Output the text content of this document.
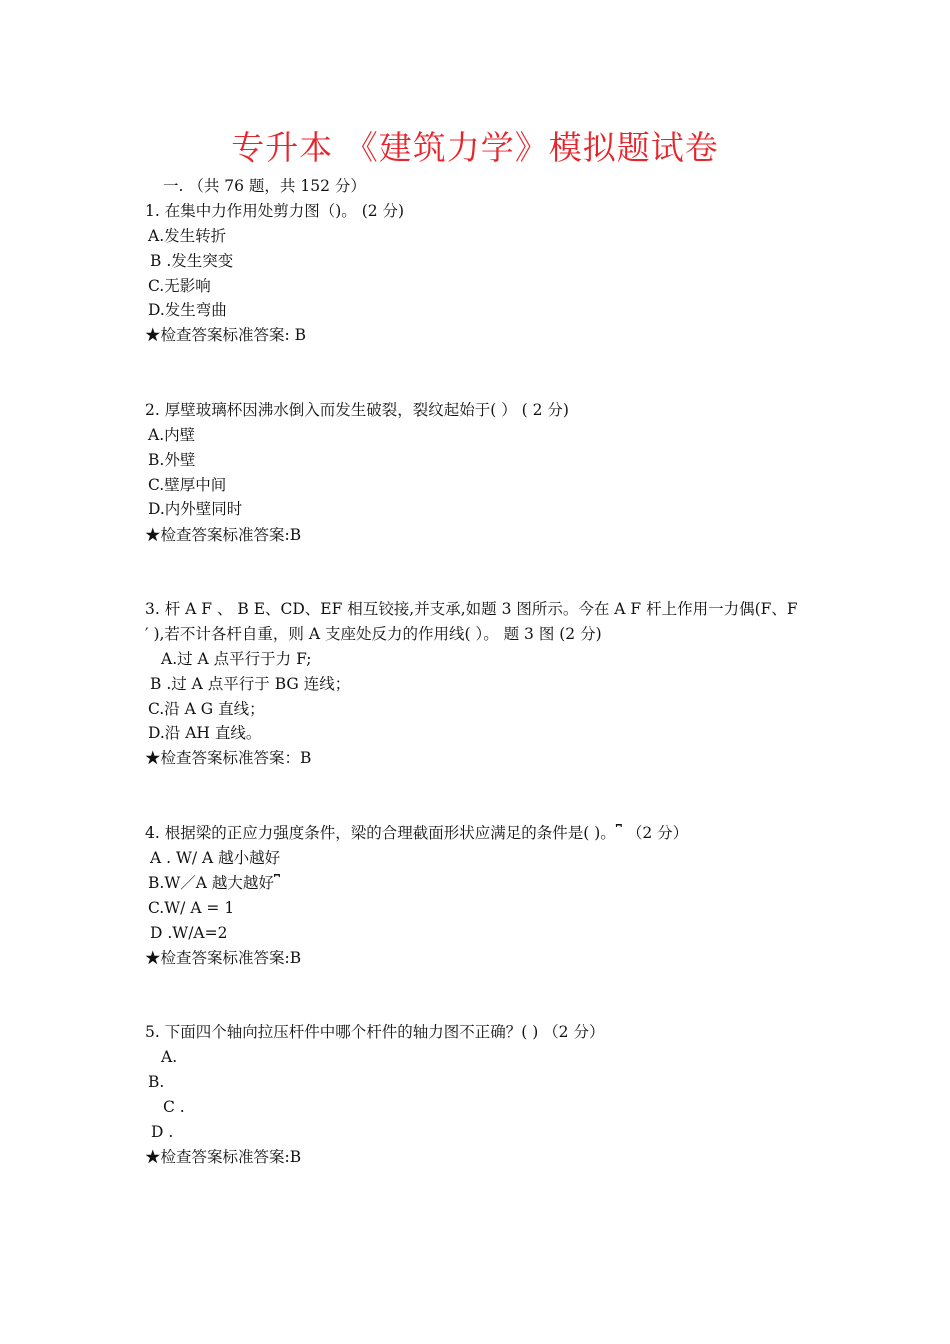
专升本 《建筑力学》模拟题试卷
一. （共 76 题，共 152 分）
1. 在集中力作用处剪力图（)。 (2 分)
A.发生转折
B .发生突变
C.无影响
D.发生弯曲
★检查答案标准答案: B
2. 厚壁玻璃杯因沸水倒入而发生破裂，裂纹起始于( ） ( 2 分)
A.内壁
B.外壁
C.壁厚中间
D.内外壁同时
★检查答案标准答案:B
3. 杆 A F 、 B E、CD、EF 相互铰接,并支承,如题 3 图所示。今在 A F 杆上作用一力偶(F、F
′ ),若不计各杆自重，则 A 支座处反力的作用线( ）。 题 3 图 (2 分)
A.过 A 点平行于力 F;
B .过 A 点平行于 BG 连线；
C.沿 A G 直线；
D.沿 AH 直线。
★检查答案标准答案：B
4. 根据梁的正应力强度条件，梁的合理截面形状应满足的条件是( )。⎴ （2 分）
A . W/ A 越小越好
B.W／A 越大越好⎴
C.W/ A = 1
D .W/A=2
★检查答案标准答案:B
5. 下面四个轴向拉压杆件中哪个杆件的轴力图不正确？( ) （2 分）
A.
B.
C .
D .
★检查答案标准答案:B
